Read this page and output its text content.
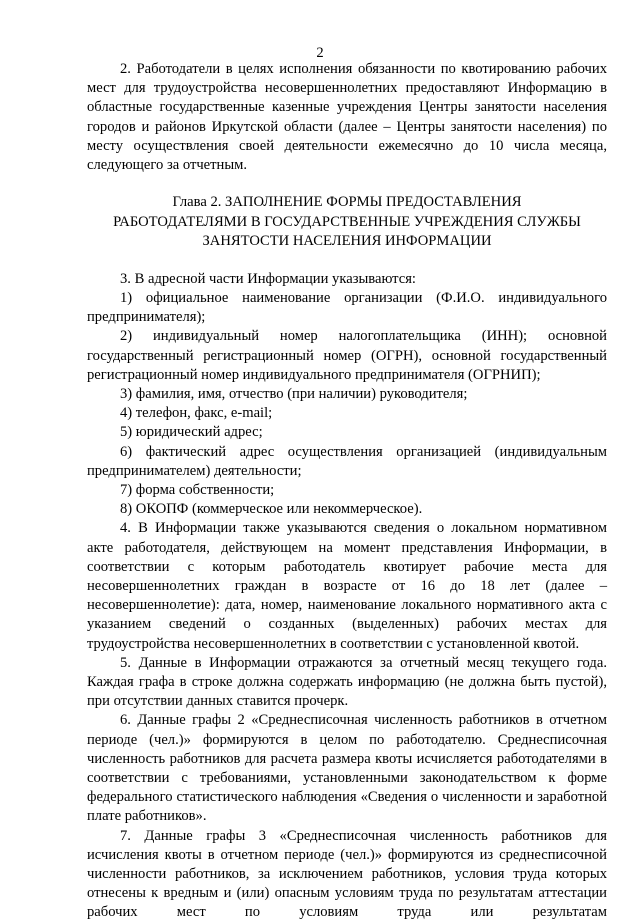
2

2. Работодатели в целях исполнения обязанности по квотированию рабочих мест для трудоустройства несовершеннолетних предоставляют Информацию в областные государственные казенные учреждения Центры занятости населения городов и районов Иркутской области (далее – Центры занятости населения) по месту осуществления своей деятельности ежемесячно до 10 числа месяца, следующего за отчетным.

Глава 2. ЗАПОЛНЕНИЕ ФОРМЫ ПРЕДОСТАВЛЕНИЯ
РАБОТОДАТЕЛЯМИ В ГОСУДАРСТВЕННЫЕ УЧРЕЖДЕНИЯ СЛУЖБЫ
ЗАНЯТОСТИ НАСЕЛЕНИЯ ИНФОРМАЦИИ

3. В адресной части Информации указываются:

1) официальное наименование организации (Ф.И.О. индивидуального предпринимателя);

2) индивидуальный номер налогоплательщика (ИНН); основной государственный регистрационный номер (ОГРН), основной государственный регистрационный номер индивидуального предпринимателя (ОГРНИП);

3) фамилия, имя, отчество (при наличии) руководителя;

4) телефон, факс, e-mail;

5) юридический адрес;

6) фактический адрес осуществления организацией (индивидуальным предпринимателем) деятельности;

7) форма собственности;

8) ОКОПФ (коммерческое или некоммерческое).

4. В Информации также указываются сведения о локальном нормативном акте работодателя, действующем на момент представления Информации, в соответствии с которым работодатель квотирует рабочие места для несовершеннолетних граждан в возрасте от 16 до 18 лет (далее – несовершеннолетие): дата, номер, наименование локального нормативного акта с указанием сведений о созданных (выделенных) рабочих местах для трудоустройства несовершеннолетних в соответствии с установленной квотой.

5. Данные в Информации отражаются за отчетный месяц текущего года. Каждая графа в строке должна содержать информацию (не должна быть пустой), при отсутствии данных ставится прочерк.

6. Данные графы 2 «Среднесписочная численность работников в отчетном периоде (чел.)» формируются в целом по работодателю. Среднесписочная численность работников для расчета размера квоты исчисляется работодателями в соответствии с требованиями, установленными законодательством к форме федерального статистического наблюдения «Сведения о численности и заработной плате работников».

7. Данные графы 3 «Среднесписочная численность работников для исчисления квоты в отчетном периоде (чел.)» формируются из среднесписочной численности работников, за исключением работников, условия труда которых отнесены к вредным и (или) опасным условиям труда по результатам аттестации рабочих мест по условиям труда или результатам
